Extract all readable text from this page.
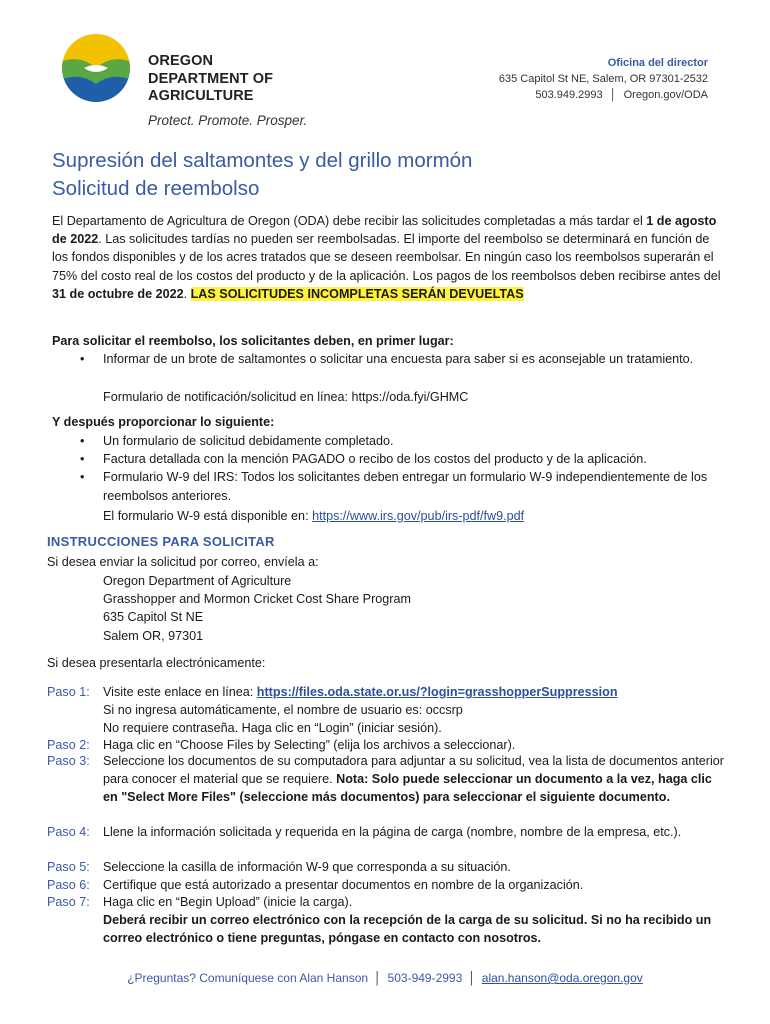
OREGON
DEPARTMENT OF
AGRICULTURE
Protect. Promote. Prosper.
Oficina del director
635 Capitol St NE, Salem, OR 97301-2532
503.949.2993 │ Oregon.gov/ODA
Supresión del saltamontes y del grillo mormón
Solicitud de reembolso
El Departamento de Agricultura de Oregon (ODA) debe recibir las solicitudes completadas a más tardar el 1 de agosto de 2022. Las solicitudes tardías no pueden ser reembolsadas. El importe del reembolso se determinará en función de los fondos disponibles y de los acres tratados que se deseen reembolsar. En ningún caso los reembolsos superarán el 75% del costo real de los costos del producto y de la aplicación. Los pagos de los reembolsos deben recibirse antes del 31 de octubre de 2022. LAS SOLICITUDES INCOMPLETAS SERÁN DEVUELTAS
Para solicitar el reembolso, los solicitantes deben, en primer lugar:
• Informar de un brote de saltamontes o solicitar una encuesta para saber si es aconsejable un tratamiento.
Formulario de notificación/solicitud en línea: https://oda.fyi/GHMC
Y después proporcionar lo siguiente:
• Un formulario de solicitud debidamente completado.
• Factura detallada con la mención PAGADO o recibo de los costos del producto y de la aplicación.
• Formulario W-9 del IRS: Todos los solicitantes deben entregar un formulario W-9 independientemente de los reembolsos anteriores.
El formulario W-9 está disponible en: https://www.irs.gov/pub/irs-pdf/fw9.pdf
INSTRUCCIONES PARA SOLICITAR
Si desea enviar la solicitud por correo, envíela a:
Oregon Department of Agriculture
Grasshopper and Mormon Cricket Cost Share Program
635 Capitol St NE
Salem OR, 97301
Si desea presentarla electrónicamente:
Paso 1: Visite este enlace en línea: https://files.oda.state.or.us/?login=grasshopperSuppression
Si no ingresa automáticamente, el nombre de usuario es: occsrp
No requiere contraseña. Haga clic en “Login” (iniciar sesión).
Paso 2: Haga clic en “Choose Files by Selecting” (elija los archivos a seleccionar).
Paso 3: Seleccione los documentos de su computadora para adjuntar a su solicitud, vea la lista de documentos anterior para conocer el material que se requiere. Nota: Solo puede seleccionar un documento a la vez, haga clic en "Select More Files" (seleccione más documentos) para seleccionar el siguiente documento.
Paso 4: Llene la información solicitada y requerida en la página de carga (nombre, nombre de la empresa, etc.).
Paso 5: Seleccione la casilla de información W-9 que corresponda a su situación.
Paso 6: Certifique que está autorizado a presentar documentos en nombre de la organización.
Paso 7: Haga clic en “Begin Upload” (inicie la carga).
Deberá recibir un correo electrónico con la recepción de la carga de su solicitud. Si no ha recibido un correo electrónico o tiene preguntas, póngase en contacto con nosotros.
¿Preguntas? Comuníquese con Alan Hanson │ 503-949-2993 │ alan.hanson@oda.oregon.gov
